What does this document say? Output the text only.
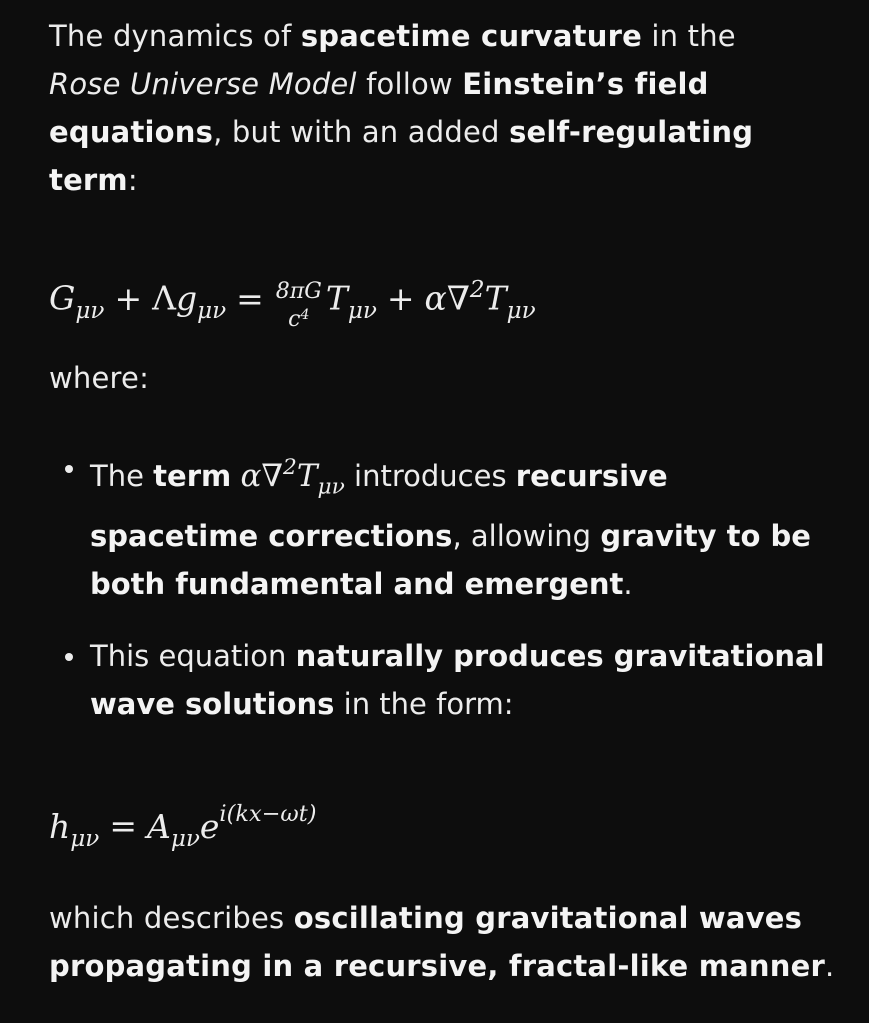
The dynamics of spacetime curvature in the
Rose Universe Model follow Einstein’s field equations, but with an added self-regulating term:

$G_{\mu\nu} + \Lambda g_{\mu\nu} = 8\pi G$
$c^4$ $T_{\mu\nu} + \alpha\nabla^2T_{\mu\nu}$

where:

The term $\alpha\nabla^2T_{\mu\nu}$ introduces recursive spacetime corrections, allowing gravity to be both fundamental and emergent.
This equation naturally produces gravitational wave solutions in the form:
$h_{\mu\nu} = A_{\mu\nu}e^{i(kx-\omega t)}$

which describes oscillating gravitational waves propagating in a recursive, fractal-like manner.
